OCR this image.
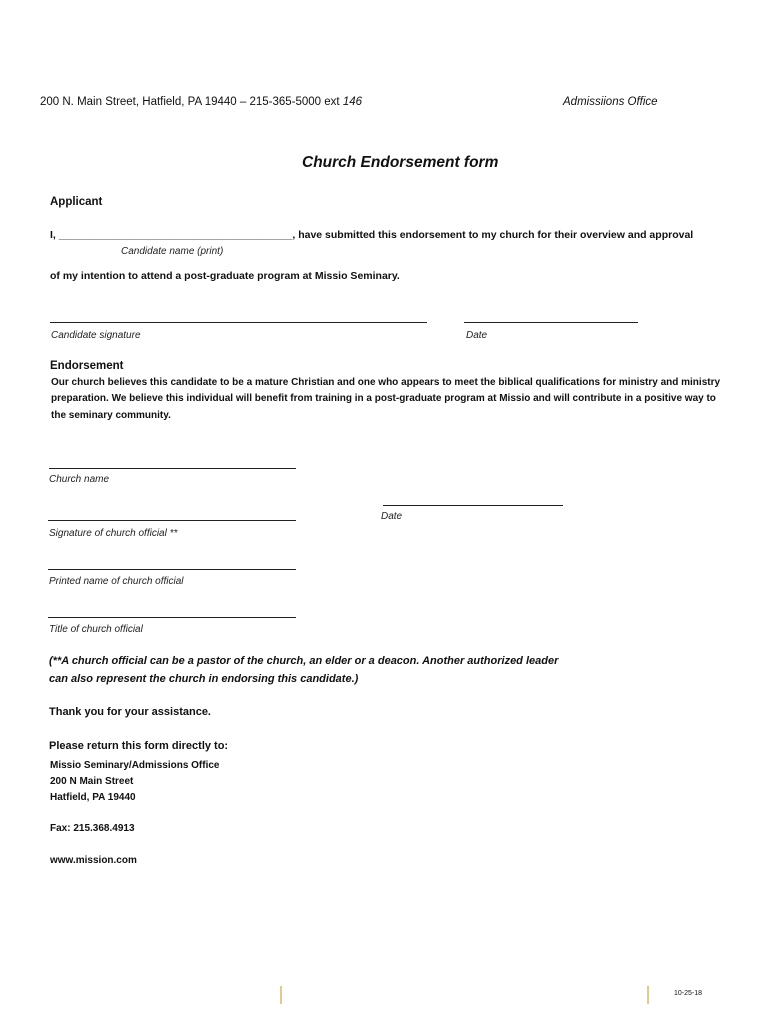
200 N. Main Street, Hatfield, PA 19440 – 215-365-5000 ext 146	Admissiions Office
Church Endorsement form
Applicant
I, ________________________________________, have submitted this endorsement to my church for their overview and approval
Candidate name (print)
of my intention to attend a post-graduate program at Missio Seminary.
Candidate signature	Date
Endorsement
Our church believes this candidate to be a mature Christian and one who appears to meet the biblical qualifications for ministry and ministry
preparation. We believe this individual will benefit from training in a post-graduate program at Missio and will contribute in a positive way to
the seminary community.
Church name
Date
Signature of church official **
Printed name of church official
Title of church official
(**A church official can be a pastor of the church, an elder or a deacon. Another authorized leader
can also represent the church in endorsing this candidate.)
Thank you for your assistance.
Please return this form directly to:
Missio Seminary/Admissions Office
200 N Main Street
Hatfield, PA 19440
Fax: 215.368.4913
www.mission.com
10-25-18
